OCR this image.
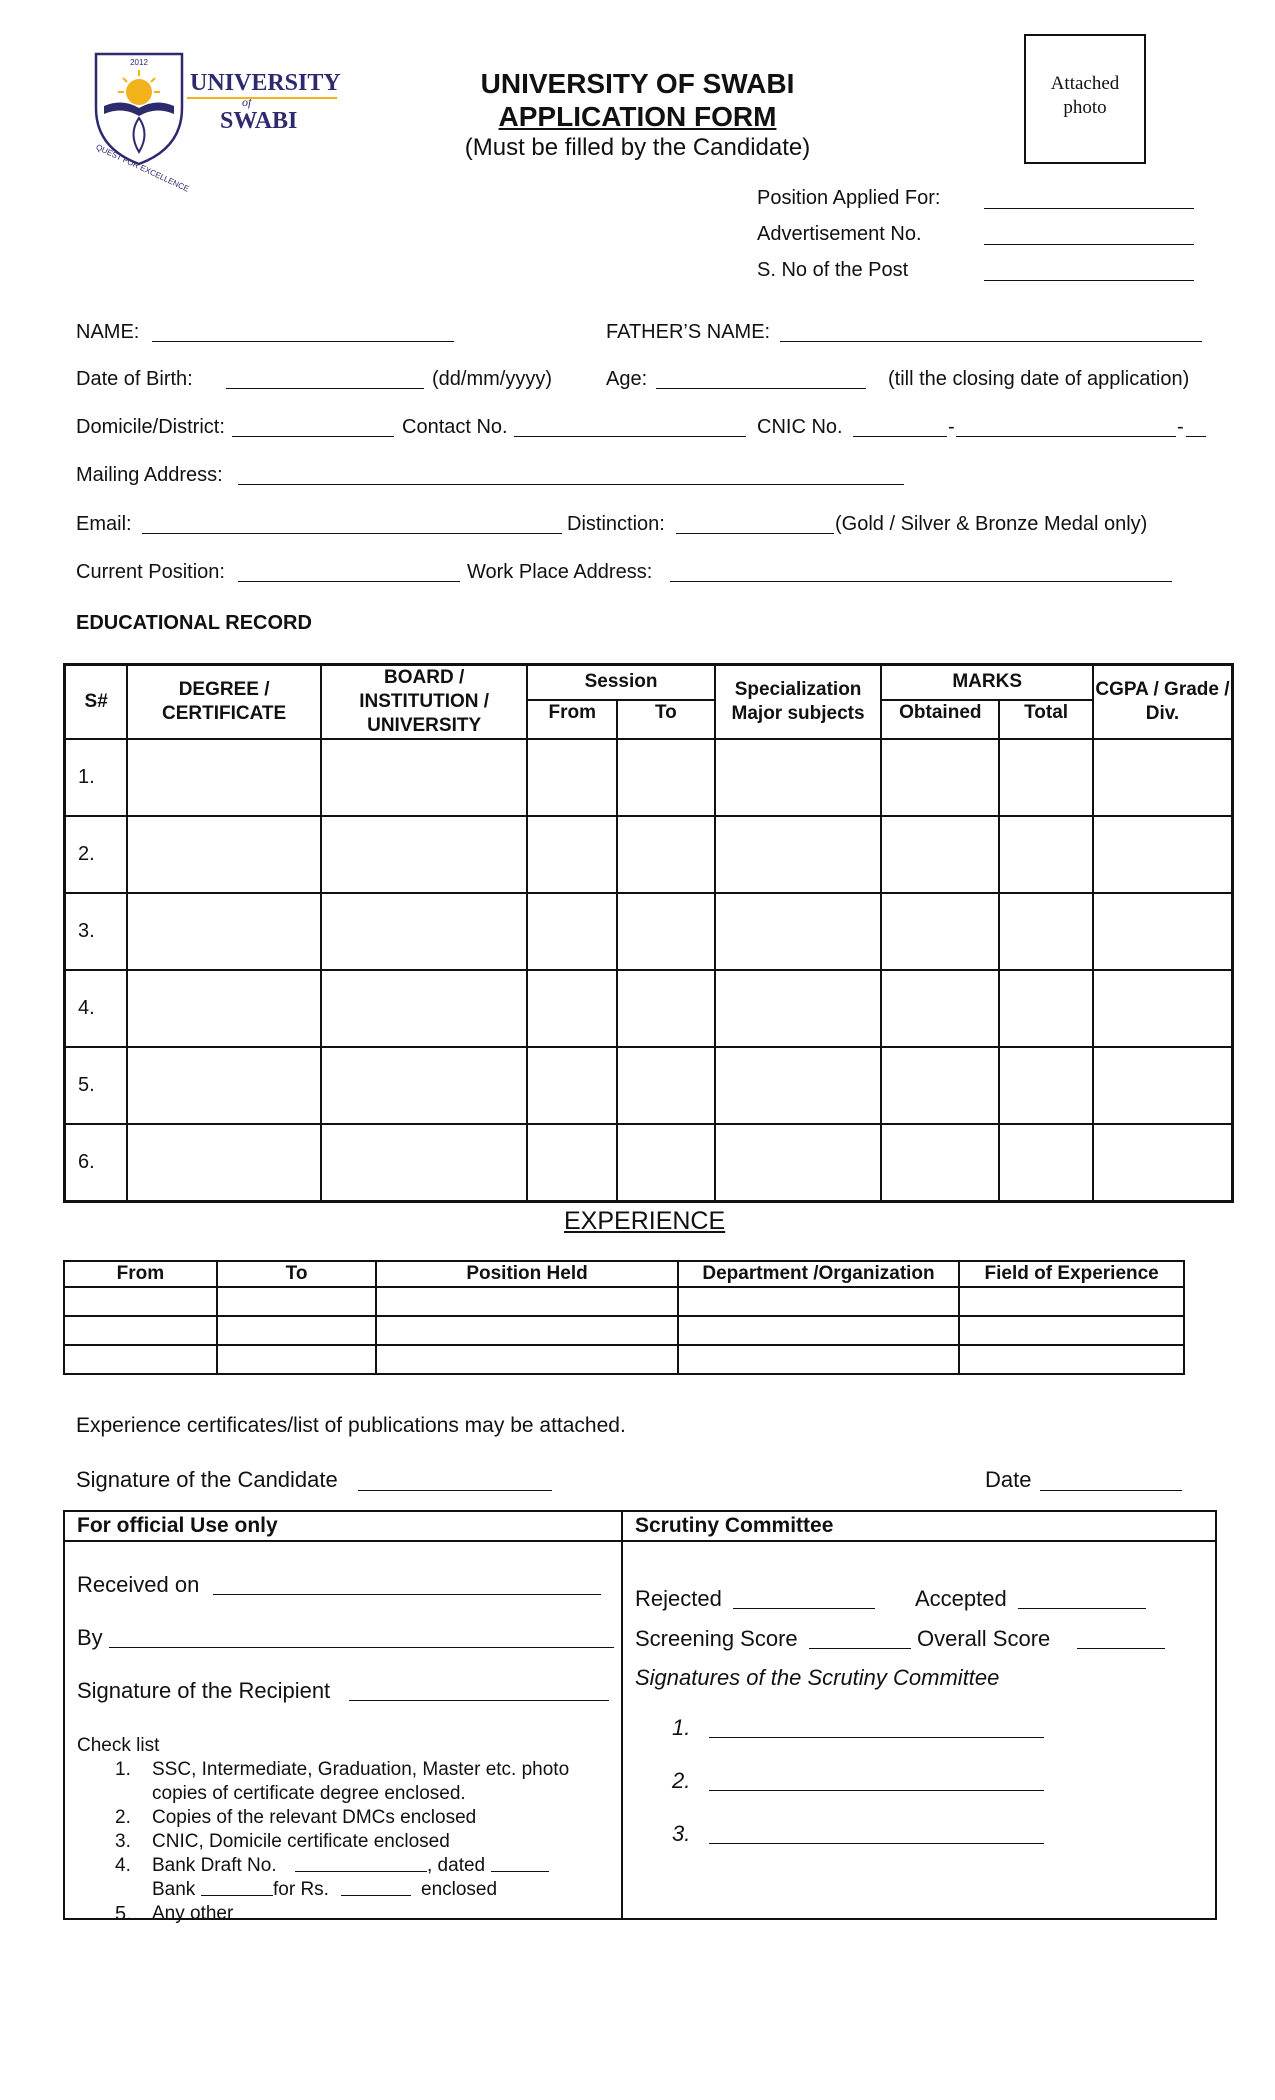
2012
UNIVERSITY
of
SWABI
QUEST FOR EXCELLENCE
UNIVERSITY OF SWABI
APPLICATION FORM
(Must be filled by the Candidate)
Attached photo
Position Applied For:
Advertisement No.
S. No of the Post
NAME:	FATHER’S NAME:
Date of Birth:	(dd/mm/yyyy)	Age:	(till the closing date of application)
Domicile/District:	Contact No.	CNIC No.	-	-
Mailing Address:
Email:	Distinction:	(Gold / Silver & Bronze Medal only)
Current Position:	Work Place Address:
EDUCATIONAL RECORD
S#	DEGREE / CERTIFICATE	BOARD / INSTITUTION / UNIVERSITY	Session		Specialization Major subjects	MARKS		CGPA / Grade / Div.
			From	To		Obtained	Total	
1.								
2.								
3.								
4.								
5.								
6.								
EXPERIENCE
From	To	Position Held	Department /Organization	Field of Experience

Experience certificates/list of publications may be attached.
Signature of the Candidate	Date
For official Use only	Scrutiny Committee
Received on
By
Signature of the Recipient
Check list
1. SSC, Intermediate, Graduation, Master etc. photo
copies of certificate degree enclosed.
2. Copies of the relevant DMCs enclosed
3. CNIC, Domicile certificate enclosed
4. Bank Draft No.	, dated
Bank	for Rs.	enclosed
5. Any other
Rejected	Accepted
Screening Score	Overall Score
Signatures of the Scrutiny Committee
1.
2.
3.
